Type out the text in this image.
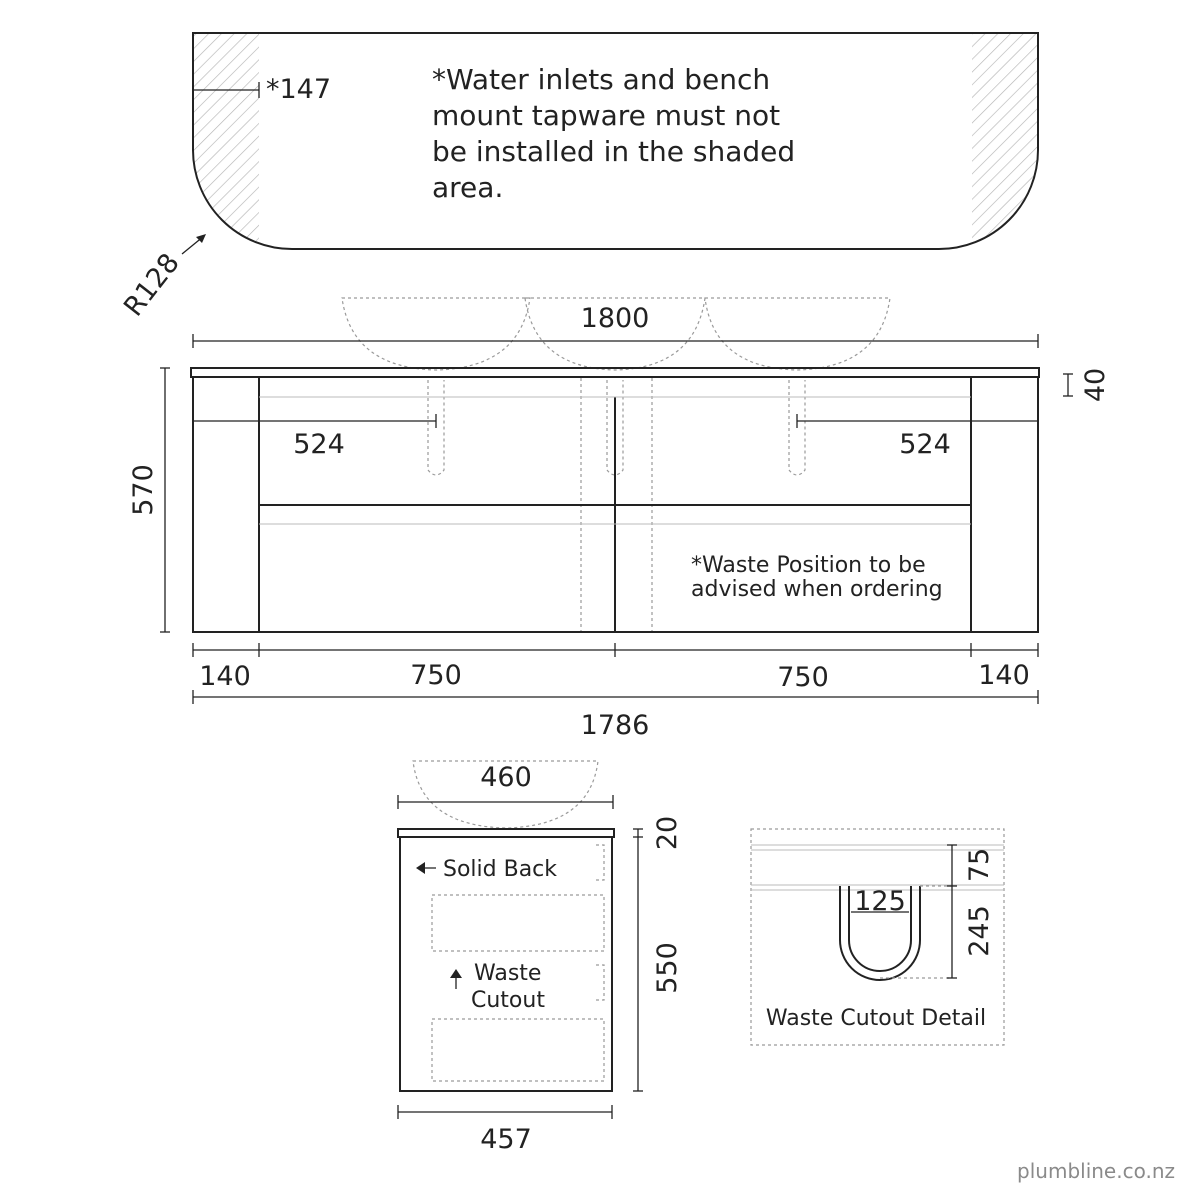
*147
R128
*Water inlets and bench
mount tapware must not
be installed in the shaded
area.
1800
570
40
524	524
*Waste Position to be
advised when ordering
140	750	750	140
1786
460
20
550
Solid Back
Waste
Cutout
457
125
75
245
Waste Cutout Detail
plumbline.co.nz
